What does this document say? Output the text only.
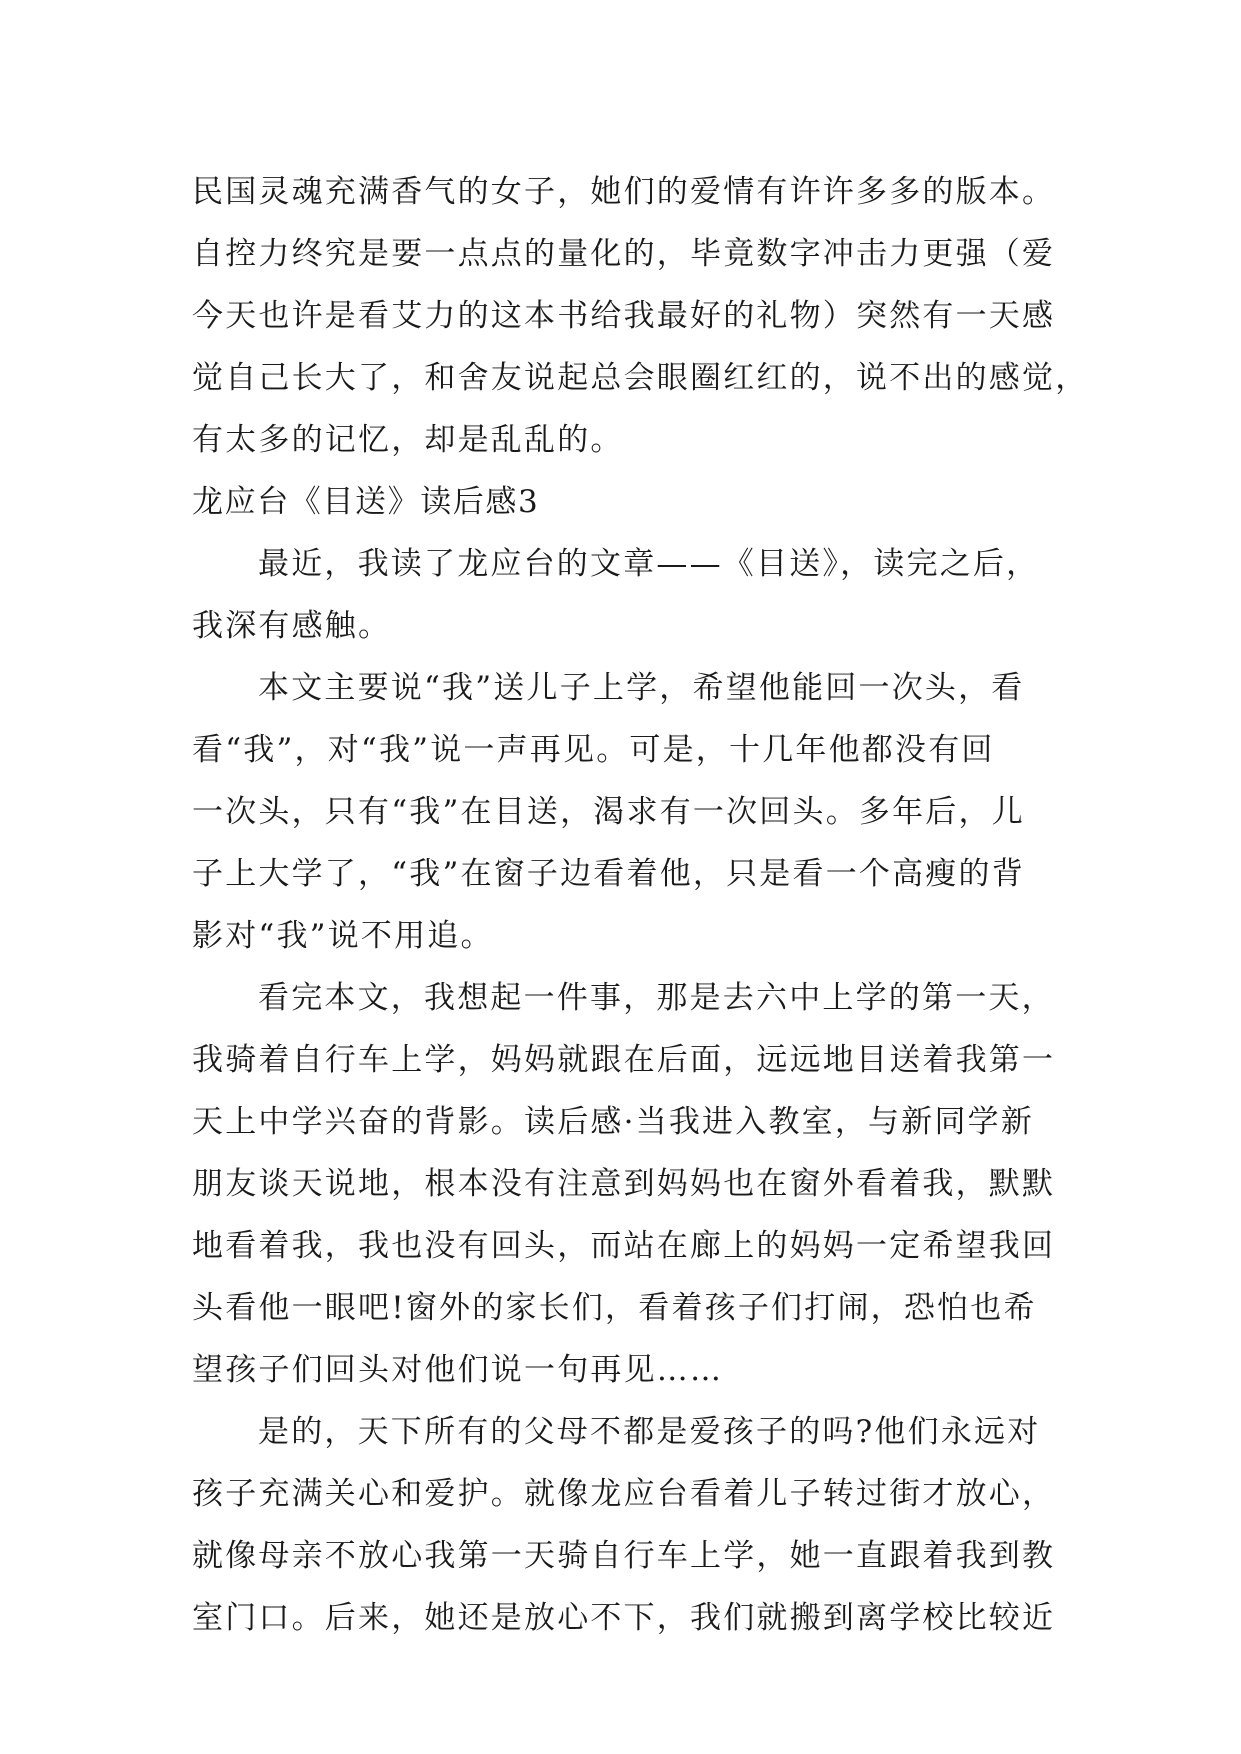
民国灵魂充满香气的女子，她们的爱情有许许多多的版本。

自控力终究是要一点点的量化的，毕竟数字冲击力更强（爱

今天也许是看艾力的这本书给我最好的礼物）突然有一天感

觉自己长大了，和舍友说起总会眼圈红红的，说不出的感觉，

有太多的记忆，却是乱乱的。

龙应台《目送》读后感3

最近，我读了龙应台的文章——《目送》，读完之后，

我深有感触。

本文主要说“我”送儿子上学，希望他能回一次头，看

看“我”，对“我”说一声再见。可是，十几年他都没有回

一次头，只有“我”在目送，渴求有一次回头。多年后，儿

子上大学了，“我”在窗子边看着他，只是看一个高瘦的背

影对“我”说不用追。

看完本文，我想起一件事，那是去六中上学的第一天，

我骑着自行车上学，妈妈就跟在后面，远远地目送着我第一

天上中学兴奋的背影。读后感·当我进入教室，与新同学新

朋友谈天说地，根本没有注意到妈妈也在窗外看着我，默默

地看着我，我也没有回头，而站在廊上的妈妈一定希望我回

头看他一眼吧!窗外的家长们，看着孩子们打闹，恐怕也希

望孩子们回头对他们说一句再见……

是的，天下所有的父母不都是爱孩子的吗?他们永远对

孩子充满关心和爱护。就像龙应台看着儿子转过街才放心，

就像母亲不放心我第一天骑自行车上学，她一直跟着我到教

室门口。后来，她还是放心不下，我们就搬到离学校比较近
